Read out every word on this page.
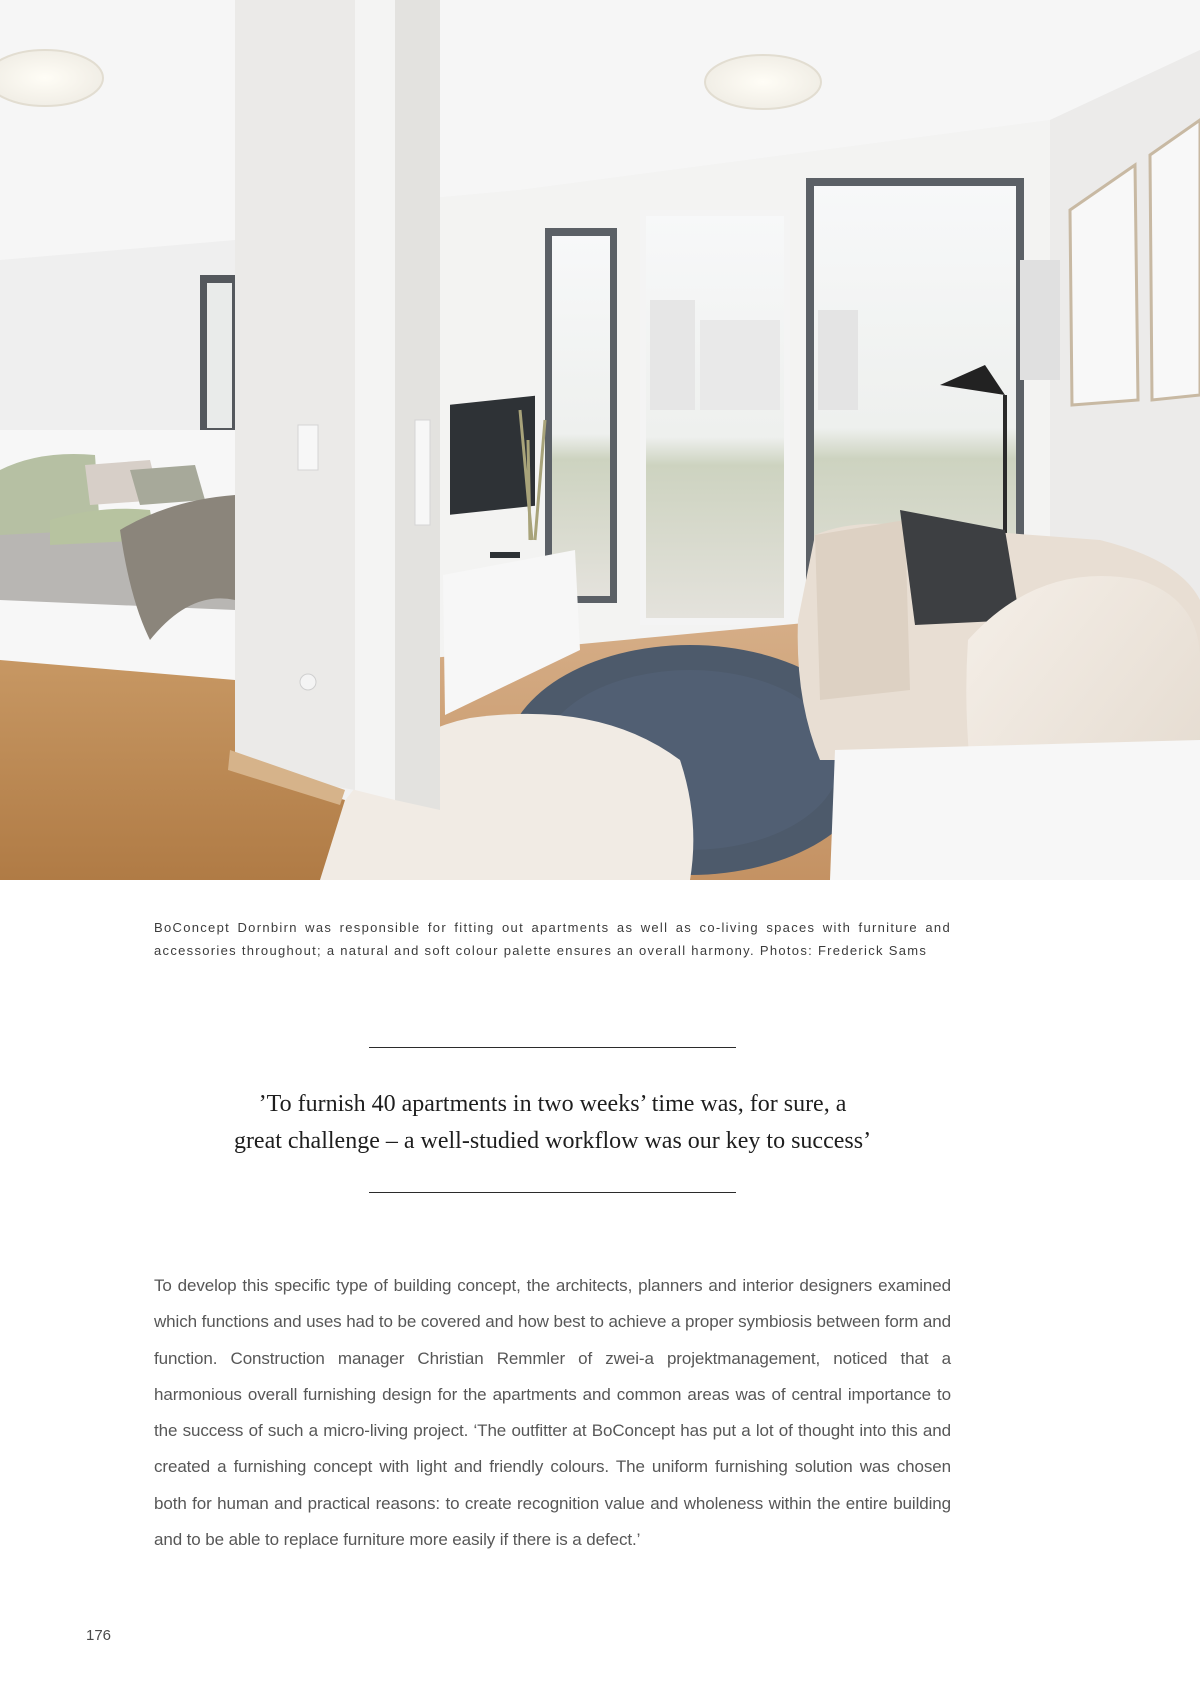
BoConcept Dornbirn was responsible for fitting out apartments as well as co-living spaces with furniture and accessories throughout; a natural and soft colour palette ensures an overall harmony. Photos: Frederick Sams

’To furnish 40 apartments in two weeks’ time was, for sure, a
great challenge – a well-studied workflow was our key to success’

To develop this specific type of building concept, the architects, planners and interior designers examined which functions and uses had to be covered and how best to achieve a proper symbiosis between form and function. Construction manager Christian Remmler of zwei-a projektmanagement, noticed that a harmonious overall furnishing design for the apartments and common areas was of central importance to the success of such a micro-living project. ‘The outfitter at BoConcept has put a lot of thought into this and created a furnishing concept with light and friendly colours. The uniform furnishing solution was chosen both for human and practical reasons: to create recognition value and wholeness within the entire building and to be able to replace furniture more easily if there is a defect.’

176
